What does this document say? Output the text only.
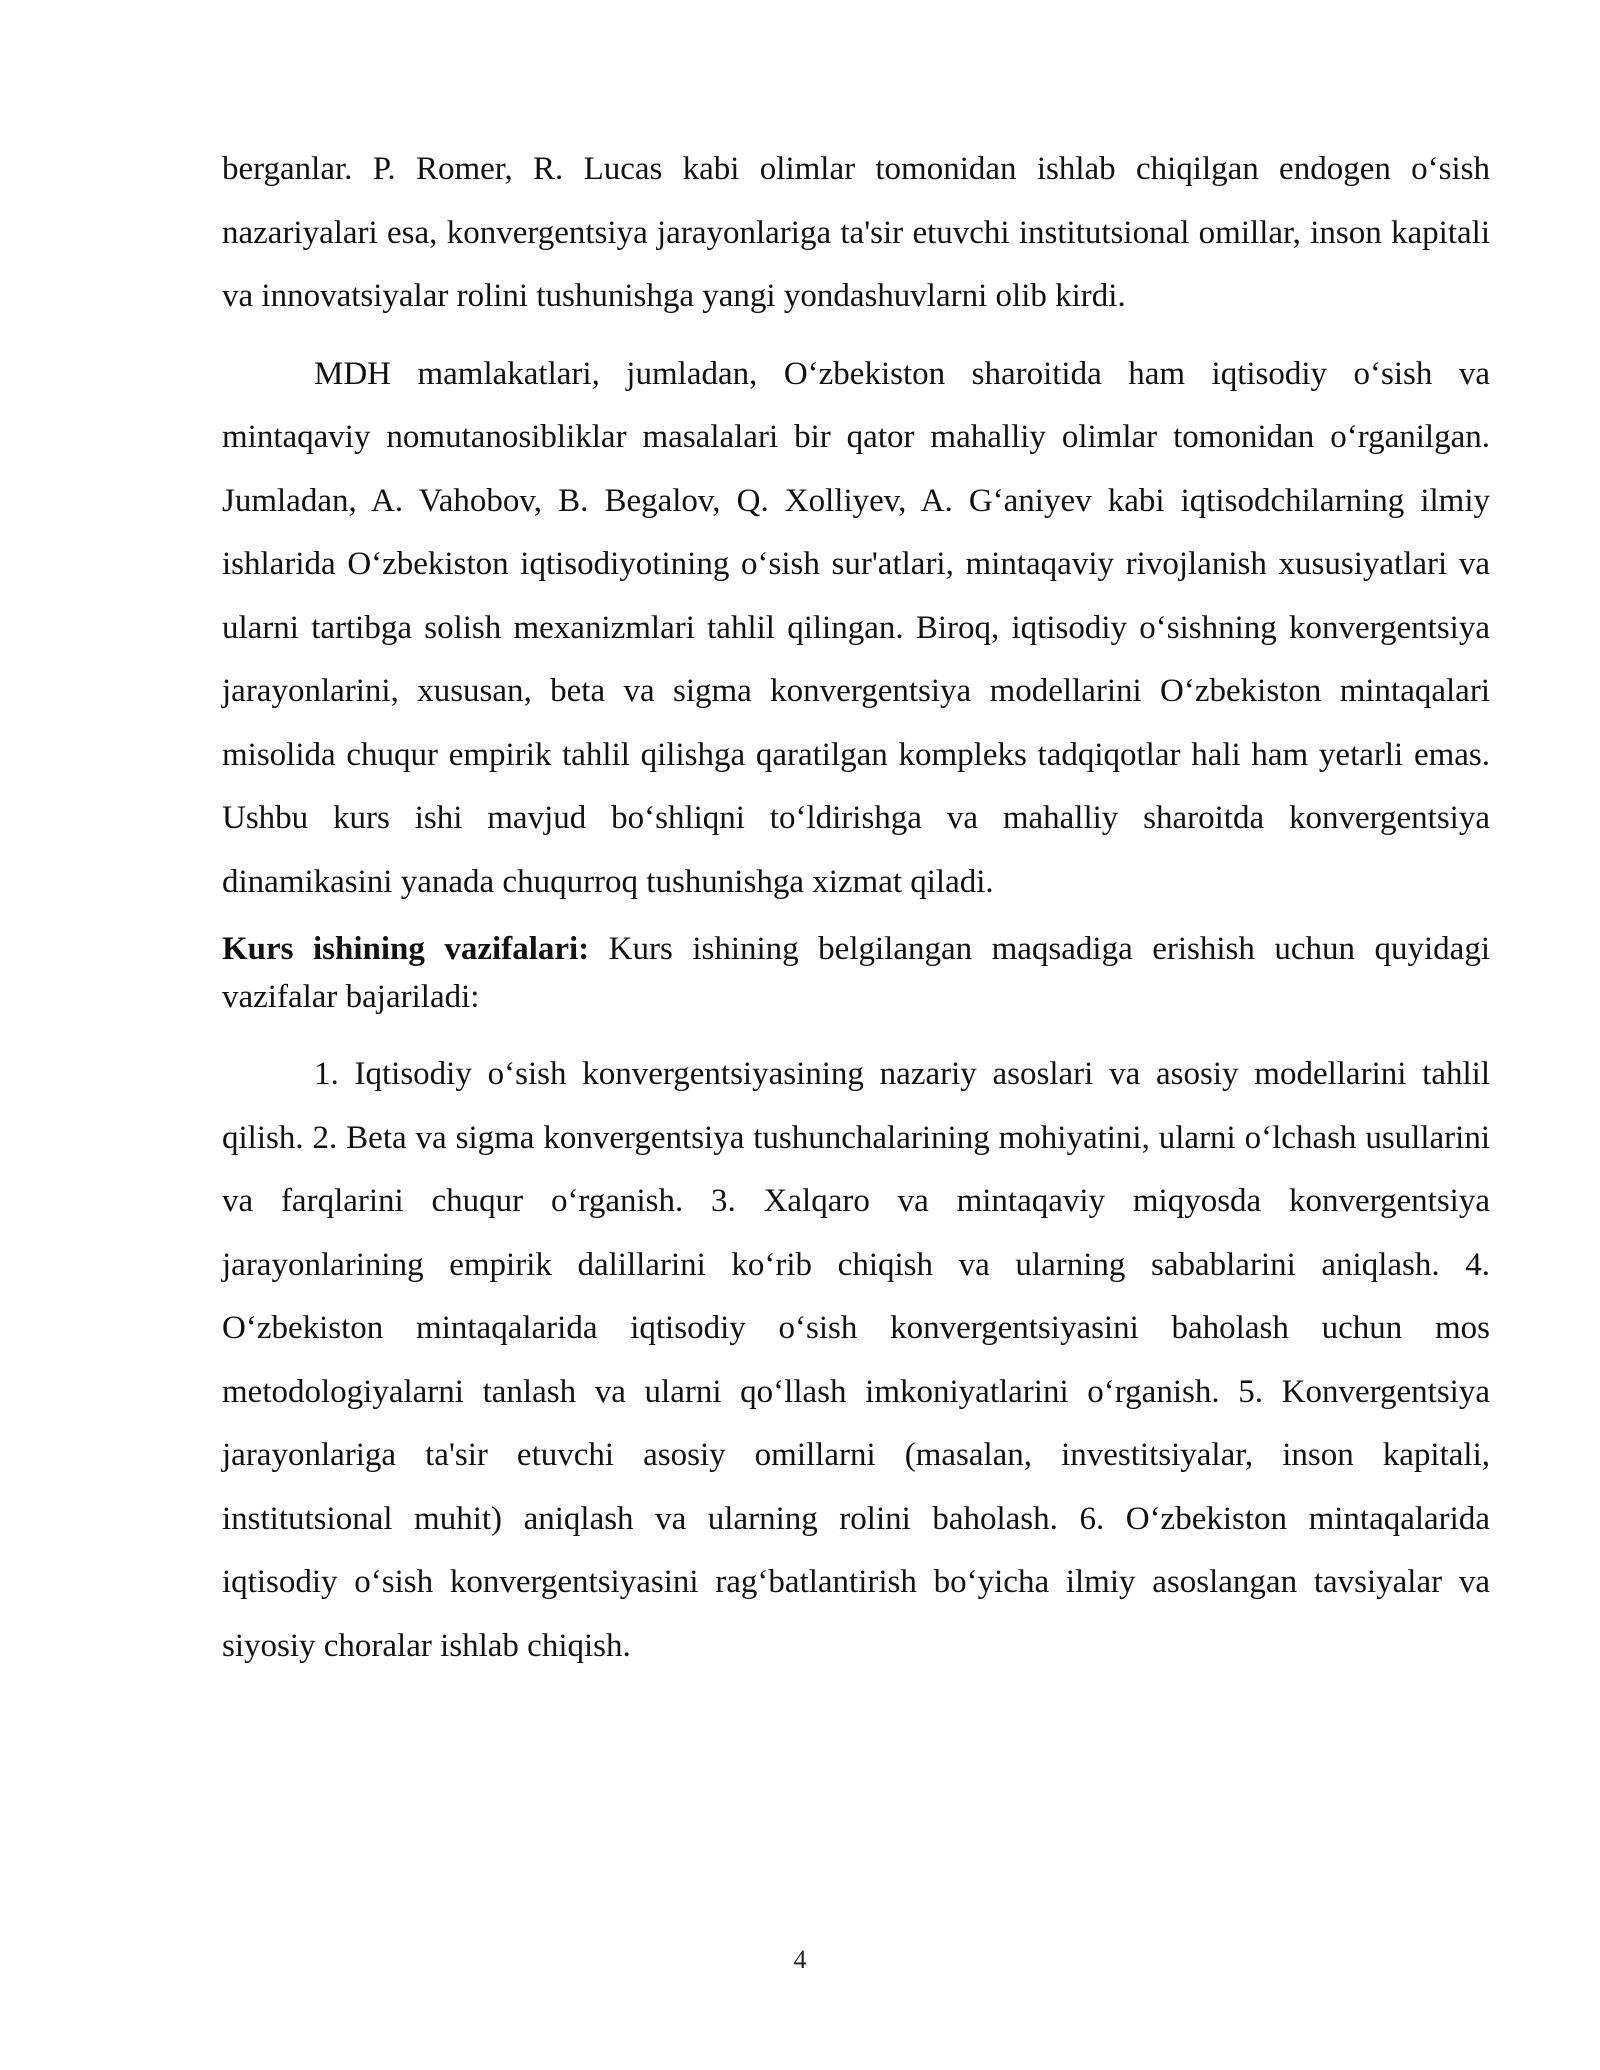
berganlar. P. Romer, R. Lucas kabi olimlar tomonidan ishlab chiqilgan endogen o‘sish nazariyalari esa, konvergentsiya jarayonlariga ta'sir etuvchi institutsional omillar, inson kapitali va innovatsiyalar rolini tushunishga yangi yondashuvlarni olib kirdi.

MDH mamlakatlari, jumladan, O‘zbekiston sharoitida ham iqtisodiy o‘sish va mintaqaviy nomutanosibliklar masalalari bir qator mahalliy olimlar tomonidan o‘rganilgan. Jumladan, A. Vahobov, B. Begalov, Q. Xolliyev, A. G‘aniyev kabi iqtisodchilarning ilmiy ishlarida O‘zbekiston iqtisodiyotining o‘sish sur'atlari, mintaqaviy rivojlanish xususiyatlari va ularni tartibga solish mexanizmlari tahlil qilingan. Biroq, iqtisodiy o‘sishning konvergentsiya jarayonlarini, xususan, beta va sigma konvergentsiya modellarini O‘zbekiston mintaqalari misolida chuqur empirik tahlil qilishga qaratilgan kompleks tadqiqotlar hali ham yetarli emas. Ushbu kurs ishi mavjud bo‘shliqni to‘ldirishga va mahalliy sharoitda konvergentsiya dinamikasini yanada chuqurroq tushunishga xizmat qiladi.

Kurs ishining vazifalari: Kurs ishining belgilangan maqsadiga erishish uchun quyidagi vazifalar bajariladi:

1. Iqtisodiy o‘sish konvergentsiyasining nazariy asoslari va asosiy modellarini tahlil qilish. 2. Beta va sigma konvergentsiya tushunchalarining mohiyatini, ularni o‘lchash usullarini va farqlarini chuqur o‘rganish. 3. Xalqaro va mintaqaviy miqyosda konvergentsiya jarayonlarining empirik dalillarini ko‘rib chiqish va ularning sabablarini aniqlash. 4. O‘zbekiston mintaqalarida iqtisodiy o‘sish konvergentsiyasini baholash uchun mos metodologiyalarni tanlash va ularni qo‘llash imkoniyatlarini o‘rganish. 5. Konvergentsiya jarayonlariga ta'sir etuvchi asosiy omillarni (masalan, investitsiyalar, inson kapitali, institutsional muhit) aniqlash va ularning rolini baholash. 6. O‘zbekiston mintaqalarida iqtisodiy o‘sish konvergentsiyasini rag‘batlantirish bo‘yicha ilmiy asoslangan tavsiyalar va siyosiy choralar ishlab chiqish.

4
